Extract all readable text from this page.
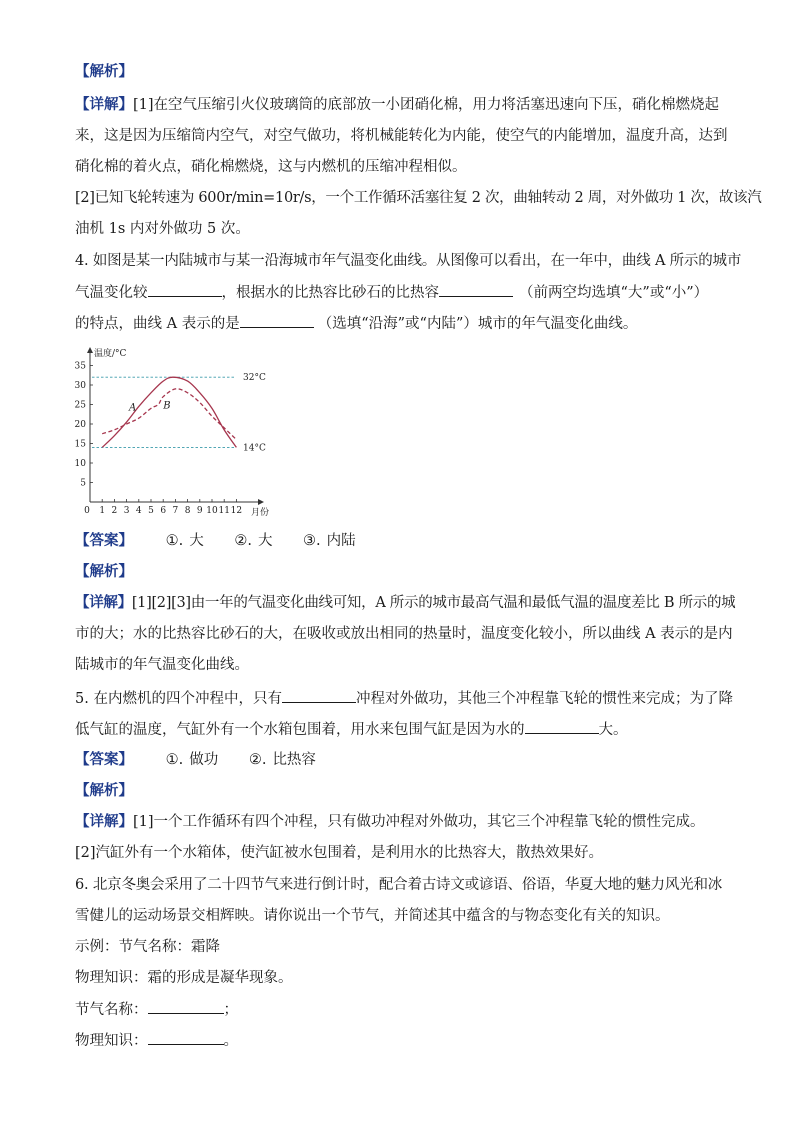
【解析】
【详解】[1]在空气压缩引火仪玻璃筒的底部放一小团硝化棉，用力将活塞迅速向下压，硝化棉燃烧起
来，这是因为压缩筒内空气，对空气做功，将机械能转化为内能，使空气的内能增加，温度升高，达到
硝化棉的着火点，硝化棉燃烧，这与内燃机的压缩冲程相似。
[2]已知飞轮转速为 600r/min=10r/s，一个工作循环活塞往复 2 次，曲轴转动 2 周，对外做功 1 次，故该汽
油机 1s 内对外做功 5 次。
4. 如图是某一内陆城市与某一沿海城市年气温变化曲线。从图像可以看出，在一年中，曲线 A 所示的城市
气温变化较	，根据水的比热容比砂石的比热容	（前两空均选填“大”或“小”）
的特点，曲线 A 表示的是	（选填“沿海”或“内陆”）城市的年气温变化曲线。
温度/°C
月份
5
10
15
20
25
30
35
0 1 2 3 4 5 6 7 8 9 10 11 12
32°C
14°C
A	B
【答案】 ①. 大 ②. 大 ③. 内陆
【解析】
【详解】[1][2][3]由一年的气温变化曲线可知，A 所示的城市最高气温和最低气温的温度差比 B 所示的城
市的大；水的比热容比砂石的大，在吸收或放出相同的热量时，温度变化较小，所以曲线 A 表示的是内
陆城市的年气温变化曲线。
5. 在内燃机的四个冲程中，只有	冲程对外做功，其他三个冲程靠飞轮的惯性来完成；为了降
低气缸的温度，气缸外有一个水箱包围着，用水来包围气缸是因为水的	大。
【答案】 ①. 做功 ②. 比热容
【解析】
【详解】[1]一个工作循环有四个冲程，只有做功冲程对外做功，其它三个冲程靠飞轮的惯性完成。
[2]汽缸外有一个水箱体，使汽缸被水包围着，是利用水的比热容大，散热效果好。
6. 北京冬奥会采用了二十四节气来进行倒计时，配合着古诗文或谚语、俗语，华夏大地的魅力风光和冰
雪健儿的运动场景交相辉映。请你说出一个节气，并简述其中蕴含的与物态变化有关的知识。
示例：节气名称：霜降
物理知识：霜的形成是凝华现象。
节气名称：	；
物理知识：	。
